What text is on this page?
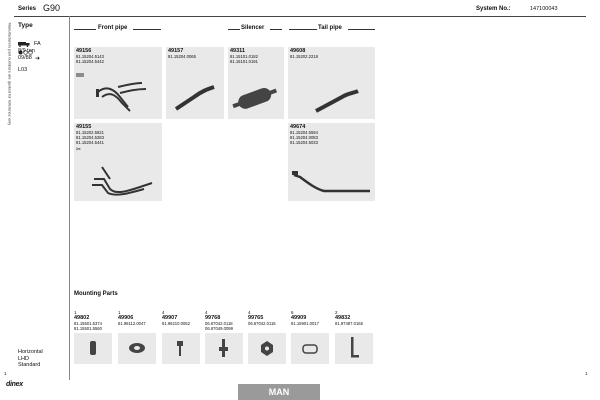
Series G90	System No.:	147100043
Manufacturers part numbers are quoted for reference only Type
FA
8/9 ton
09/88 ➔
L03
Horizontal
LHD
Standard
Front pipe	Silencer	Tail pipe
49156
81.15204.5143
81.15204.5442
49157
81.15204.0065
49311
81.15101.0182
81.15101.0191
49608
81.15202.2218
49155
81.15202.5821
81.15204.5283
81.15204.5441
✂
49674
81.15204.5594
81.15204.0083
81.15204.5033
Mounting Parts
1
49802
81.15501.5374
81.15501.5560
1
49906
81.98112.0047
4
49907
81.96210.0052
4
99768
06.67042.0118
06.67049.0099
4
99765
06.67042.0115
6
49909
81.15901.0017
2
49832
81.97487.0165
1	1
dinex
MAN
